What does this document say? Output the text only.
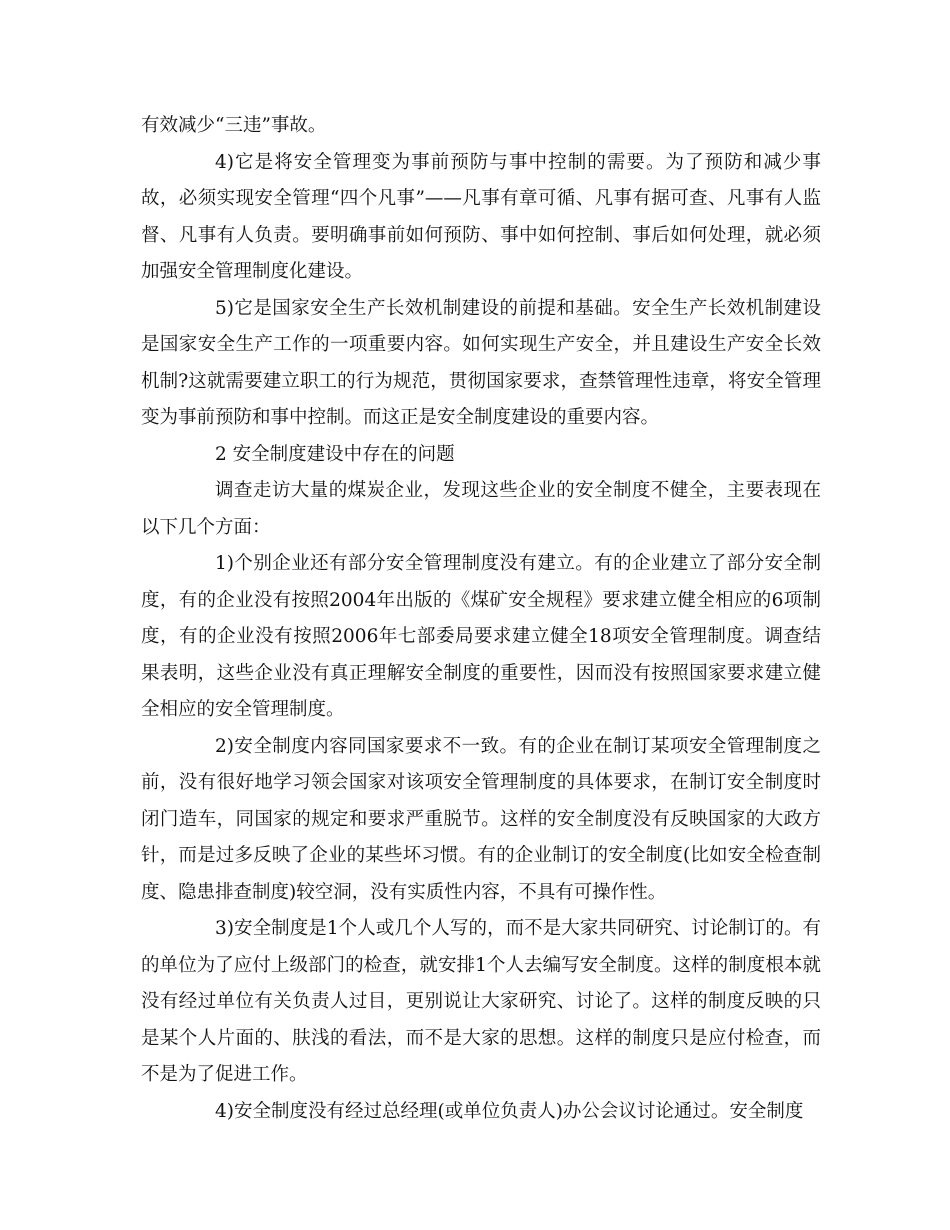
有效减少“三违”事故。

4)它是将安全管理变为事前预防与事中控制的需要。为了预防和减少事故，必须实现安全管理“四个凡事”——凡事有章可循、凡事有据可查、凡事有人监督、凡事有人负责。要明确事前如何预防、事中如何控制、事后如何处理，就必须加强安全管理制度化建设。

5)它是国家安全生产长效机制建设的前提和基础。安全生产长效机制建设是国家安全生产工作的一项重要内容。如何实现生产安全，并且建设生产安全长效机制?这就需要建立职工的行为规范，贯彻国家要求，查禁管理性违章，将安全管理变为事前预防和事中控制。而这正是安全制度建设的重要内容。

2 安全制度建设中存在的问题

调查走访大量的煤炭企业，发现这些企业的安全制度不健全，主要表现在以下几个方面：

1)个别企业还有部分安全管理制度没有建立。有的企业建立了部分安全制度，有的企业没有按照2004年出版的《煤矿安全规程》要求建立健全相应的6项制度，有的企业没有按照2006年七部委局要求建立健全18项安全管理制度。调查结果表明，这些企业没有真正理解安全制度的重要性，因而没有按照国家要求建立健全相应的安全管理制度。

2)安全制度内容同国家要求不一致。有的企业在制订某项安全管理制度之前，没有很好地学习领会国家对该项安全管理制度的具体要求，在制订安全制度时闭门造车，同国家的规定和要求严重脱节。这样的安全制度没有反映国家的大政方针，而是过多反映了企业的某些坏习惯。有的企业制订的安全制度(比如安全检查制度、隐患排查制度)较空洞，没有实质性内容，不具有可操作性。

3)安全制度是1个人或几个人写的，而不是大家共同研究、讨论制订的。有的单位为了应付上级部门的检查，就安排1个人去编写安全制度。这样的制度根本就没有经过单位有关负责人过目，更别说让大家研究、讨论了。这样的制度反映的只是某个人片面的、肤浅的看法，而不是大家的思想。这样的制度只是应付检查，而不是为了促进工作。

4)安全制度没有经过总经理(或单位负责人)办公会议讨论通过。安全制度
